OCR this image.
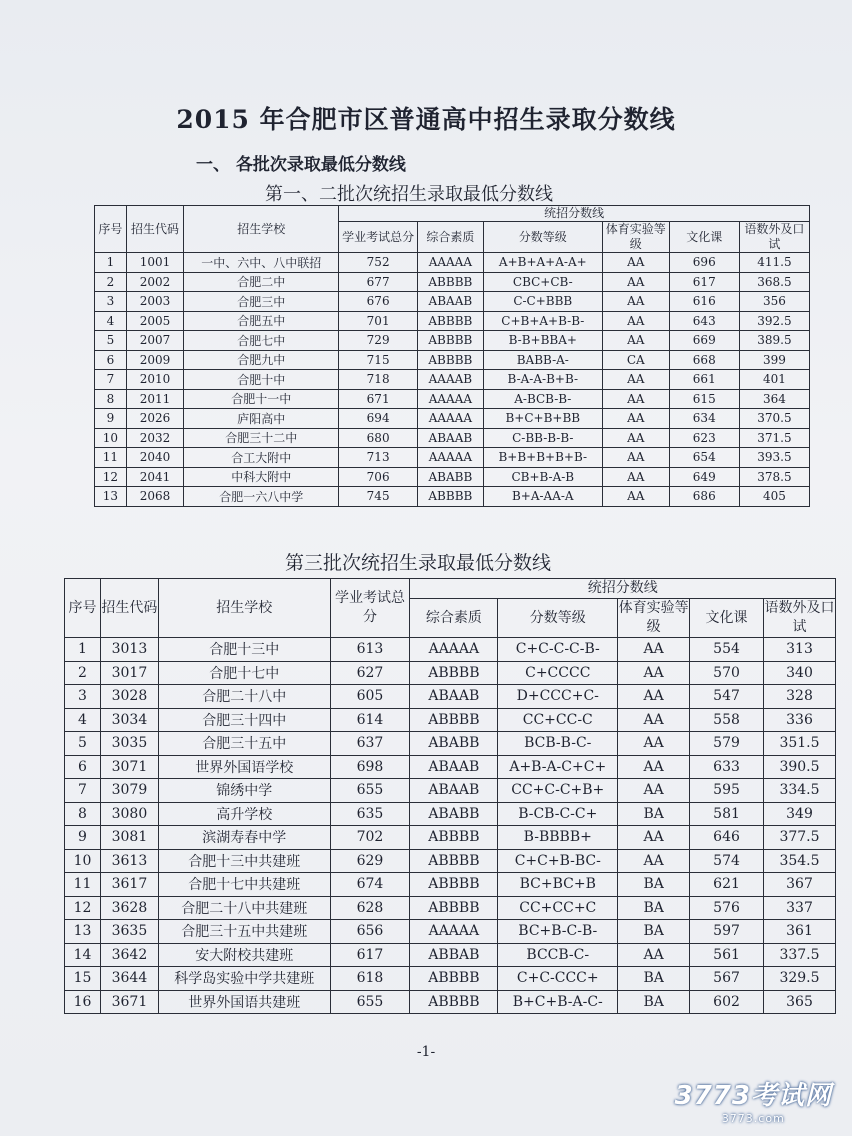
2015 年合肥市区普通高中招生录取分数线
一、 各批次录取最低分数线
第一、二批次统招生录取最低分数线
序号	招生代码	招生学校	统招分数线					
			学业考试总分	综合素质	分数等级	体育实验等级	文化课	语数外及口试
1	1001	一中、六中、八中联招	752	AAAAA	A+B+A+A-A+	AA	696	411.5
2	2002	合肥二中	677	ABBBB	CBC+CB-	AA	617	368.5
3	2003	合肥三中	676	ABAAB	C-C+BBB	AA	616	356
4	2005	合肥五中	701	ABBBB	C+B+A+B-B-	AA	643	392.5
5	2007	合肥七中	729	ABBBB	B-B+BBA+	AA	669	389.5
6	2009	合肥九中	715	ABBBB	BABB-A-	CA	668	399
7	2010	合肥十中	718	AAAAB	B-A-A-B+B-	AA	661	401
8	2011	合肥十一中	671	AAAAA	A-BCB-B-	AA	615	364
9	2026	庐阳高中	694	AAAAA	B+C+B+BB	AA	634	370.5
10	2032	合肥三十二中	680	ABAAB	C-BB-B-B-	AA	623	371.5
11	2040	合工大附中	713	AAAAA	B+B+B+B+B-	AA	654	393.5
12	2041	中科大附中	706	ABABB	CB+B-A-B	AA	649	378.5
13	2068	合肥一六八中学	745	ABBBB	B+A-AA-A	AA	686	405
第三批次统招生录取最低分数线
序号	招生代码	招生学校	学业考试总分	统招分数线				
				综合素质	分数等级	体育实验等级	文化课	语数外及口试
1	3013	合肥十三中	613	AAAAA	C+C-C-C-B-	AA	554	313
2	3017	合肥十七中	627	ABBBB	C+CCCC	AA	570	340
3	3028	合肥二十八中	605	ABAAB	D+CCC+C-	AA	547	328
4	3034	合肥三十四中	614	ABBBB	CC+CC-C	AA	558	336
5	3035	合肥三十五中	637	ABABB	BCB-B-C-	AA	579	351.5
6	3071	世界外国语学校	698	ABAAB	A+B-A-C+C+	AA	633	390.5
7	3079	锦绣中学	655	ABAAB	CC+C-C+B+	AA	595	334.5
8	3080	高升学校	635	ABABB	B-CB-C-C+	BA	581	349
9	3081	滨湖寿春中学	702	ABBBB	B-BBBB+	AA	646	377.5
10	3613	合肥十三中共建班	629	ABBBB	C+C+B-BC-	AA	574	354.5
11	3617	合肥十七中共建班	674	ABBBB	BC+BC+B	BA	621	367
12	3628	合肥二十八中共建班	628	ABBBB	CC+CC+C	BA	576	337
13	3635	合肥三十五中共建班	656	AAAAA	BC+B-C-B-	BA	597	361
14	3642	安大附校共建班	617	ABBAB	BCCB-C-	AA	561	337.5
15	3644	科学岛实验中学共建班	618	ABBBB	C+C-CCC+	BA	567	329.5
16	3671	世界外国语共建班	655	ABBBB	B+C+B-A-C-	BA	602	365
-1-
3773考试网
3773.com
